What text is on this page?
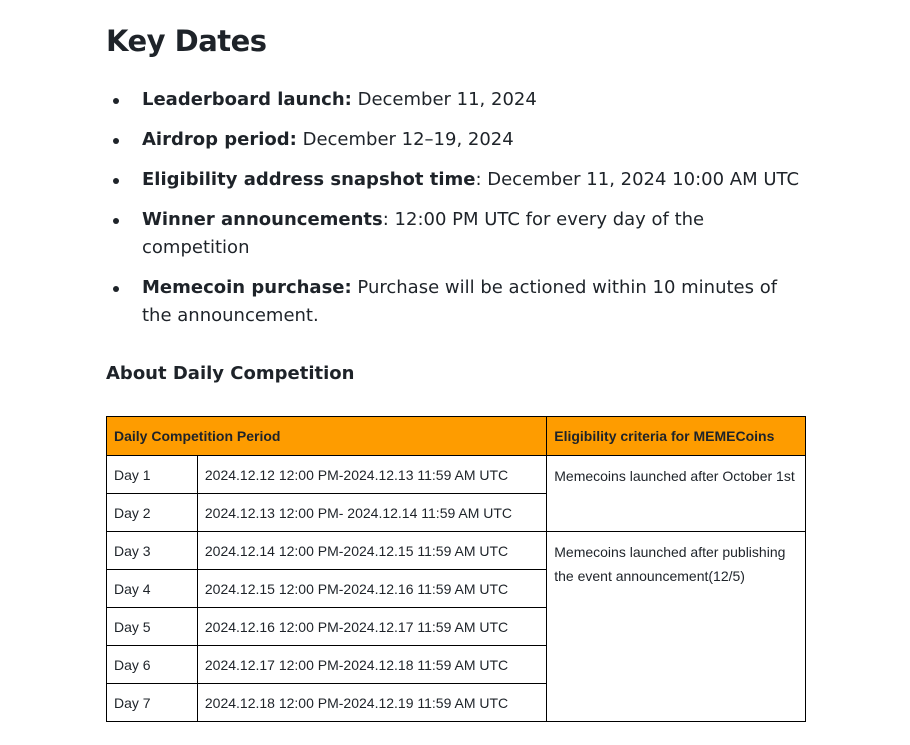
Key Dates
Leaderboard launch: December 11, 2024
Airdrop period: December 12–19, 2024
Eligibility address snapshot time: December 11, 2024 10:00 AM UTC
Winner announcements: 12:00 PM UTC for every day of the competition
Memecoin purchase: Purchase will be actioned within 10 minutes of the announcement.
About Daily Competition
Daily Competition Period		Eligibility criteria for MEMECoins
Day 1	2024.12.12 12:00 PM-2024.12.13 11:59 AM UTC	Memecoins launched after October 1st
Day 2	2024.12.13 12:00 PM- 2024.12.14 11:59 AM UTC	
Day 3	2024.12.14 12:00 PM-2024.12.15 11:59 AM UTC	Memecoins launched after publishing the event announcement(12/5)
Day 4	2024.12.15 12:00 PM-2024.12.16 11:59 AM UTC	
Day 5	2024.12.16 12:00 PM-2024.12.17 11:59 AM UTC	
Day 6	2024.12.17 12:00 PM-2024.12.18 11:59 AM UTC	
Day 7	2024.12.18 12:00 PM-2024.12.19 11:59 AM UTC	
